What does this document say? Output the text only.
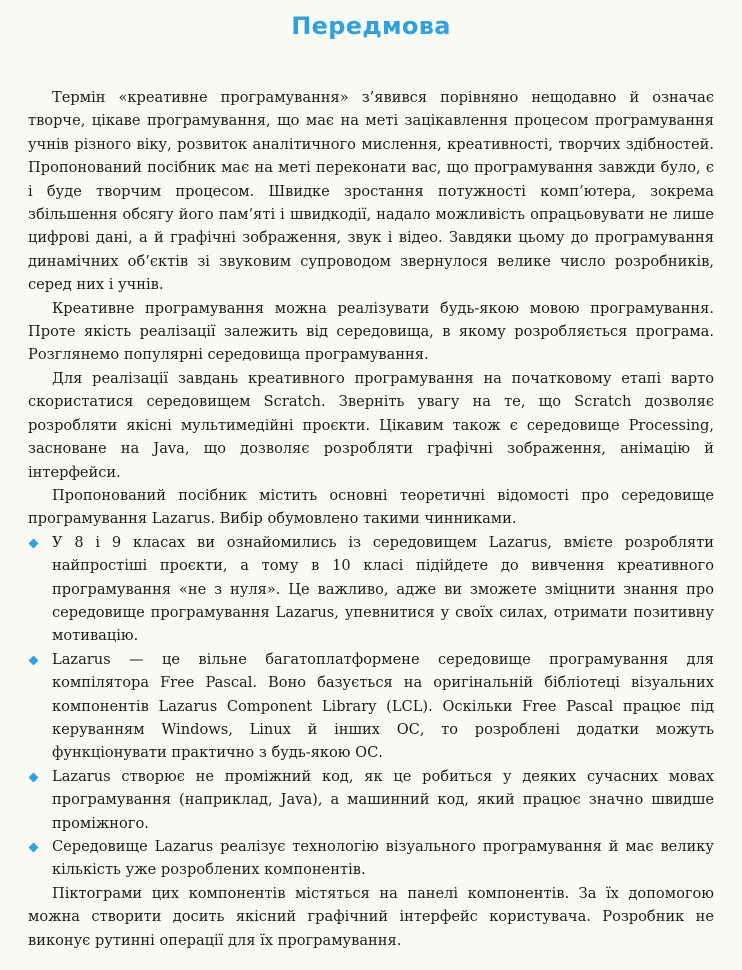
Передмова

Термін «креативне програмування» з’явився порівняно нещодавно й означає творче, цікаве програмування, що має на меті зацікавлення процесом програмування учнів різного віку, розвиток аналітичного мислення, креативності, творчих здібностей. Пропонований посібник має на меті переконати вас, що програмування завжди було, є і буде творчим процесом. Швидке зростання потужності комп’ютера, зокрема збільшення обсягу його пам’яті і швидкодії, надало можливість опрацьовувати не лише цифрові дані, а й графічні зображення, звук і відео. Завдяки цьому до програмування динамічних об’єктів зі звуковим супроводом звернулося велике число розробників, серед них і учнів.

Креативне програмування можна реалізувати будь-якою мовою програмування. Проте якість реалізації залежить від середовища, в якому розробляється програма. Розглянемо популярні середовища програмування.

Для реалізації завдань креативного програмування на початковому етапі варто скористатися середовищем Scratch. Зверніть увагу на те, що Scratch дозволяє розробляти якісні мультимедійні проєкти. Цікавим також є середовище Processing, засноване на Java, що дозволяє розробляти графічні зображення, анімацію й інтерфейси.

Пропонований посібник містить основні теоретичні відомості про середовище програмування Lazarus. Вибір обумовлено такими чинниками.

У 8 і 9 класах ви ознайомились із середовищем Lazarus, вмієте розробляти найпростіші проєкти, а тому в 10 класі підійдете до вивчення креативного програмування «не з нуля». Це важливо, адже ви зможете зміцнити знання про середовище програмування Lazarus, упевнитися у своїх силах, отримати позитивну мотивацію.
Lazarus — це вільне багатоплатформене середовище програмування для компілятора Free Pascal. Воно базується на оригінальній бібліотеці візуальних компонентів Lazarus Component Library (LCL). Оскільки Free Pascal працює під керуванням Windows, Linux й інших ОС, то розроблені додатки можуть функціонувати практично з будь-якою ОС.
Lazarus створює не проміжний код, як це робиться у деяких сучасних мовах програмування (наприклад, Java), а машинний код, який працює значно швидше проміжного.
Середовище Lazarus реалізує технологію візуального програмування й має велику кількість уже розроблених компонентів.

Піктограми цих компонентів містяться на панелі компонентів. За їх допомогою можна створити досить якісний графічний інтерфейс користувача. Розробник не виконує рутинні операції для їх програмування.
